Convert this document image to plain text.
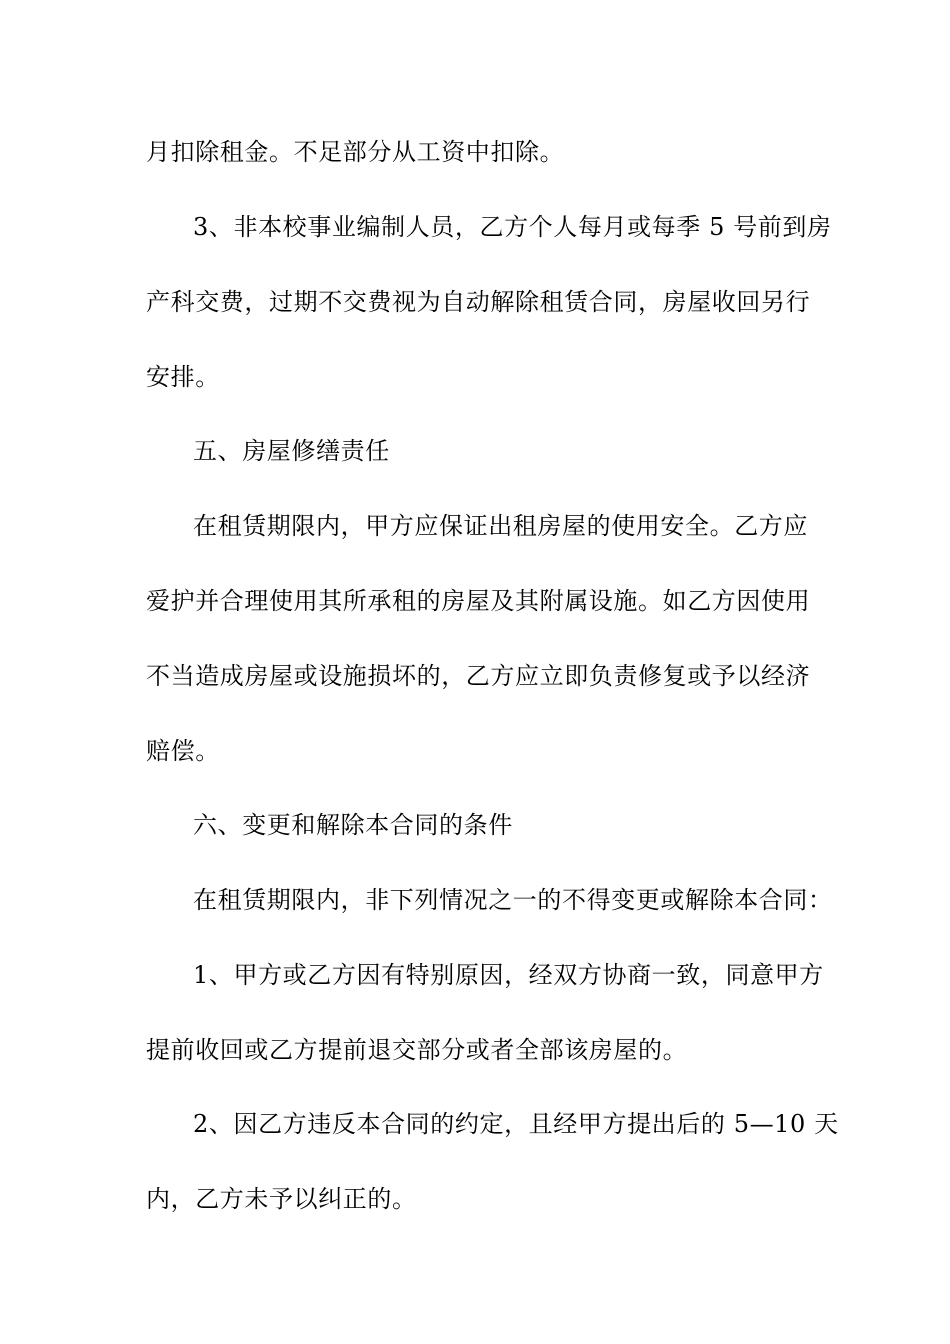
月扣除租金。不足部分从工资中扣除。
3、非本校事业编制人员，乙方个人每月或每季 5 号前到房
产科交费，过期不交费视为自动解除租赁合同，房屋收回另行
安排。
五、房屋修缮责任
在租赁期限内，甲方应保证出租房屋的使用安全。乙方应
爱护并合理使用其所承租的房屋及其附属设施。如乙方因使用
不当造成房屋或设施损坏的，乙方应立即负责修复或予以经济
赔偿。
六、变更和解除本合同的条件
在租赁期限内，非下列情况之一的不得变更或解除本合同：
1、甲方或乙方因有特别原因，经双方协商一致，同意甲方
提前收回或乙方提前退交部分或者全部该房屋的。
2、因乙方违反本合同的约定，且经甲方提出后的 5—10 天
内，乙方未予以纠正的。
